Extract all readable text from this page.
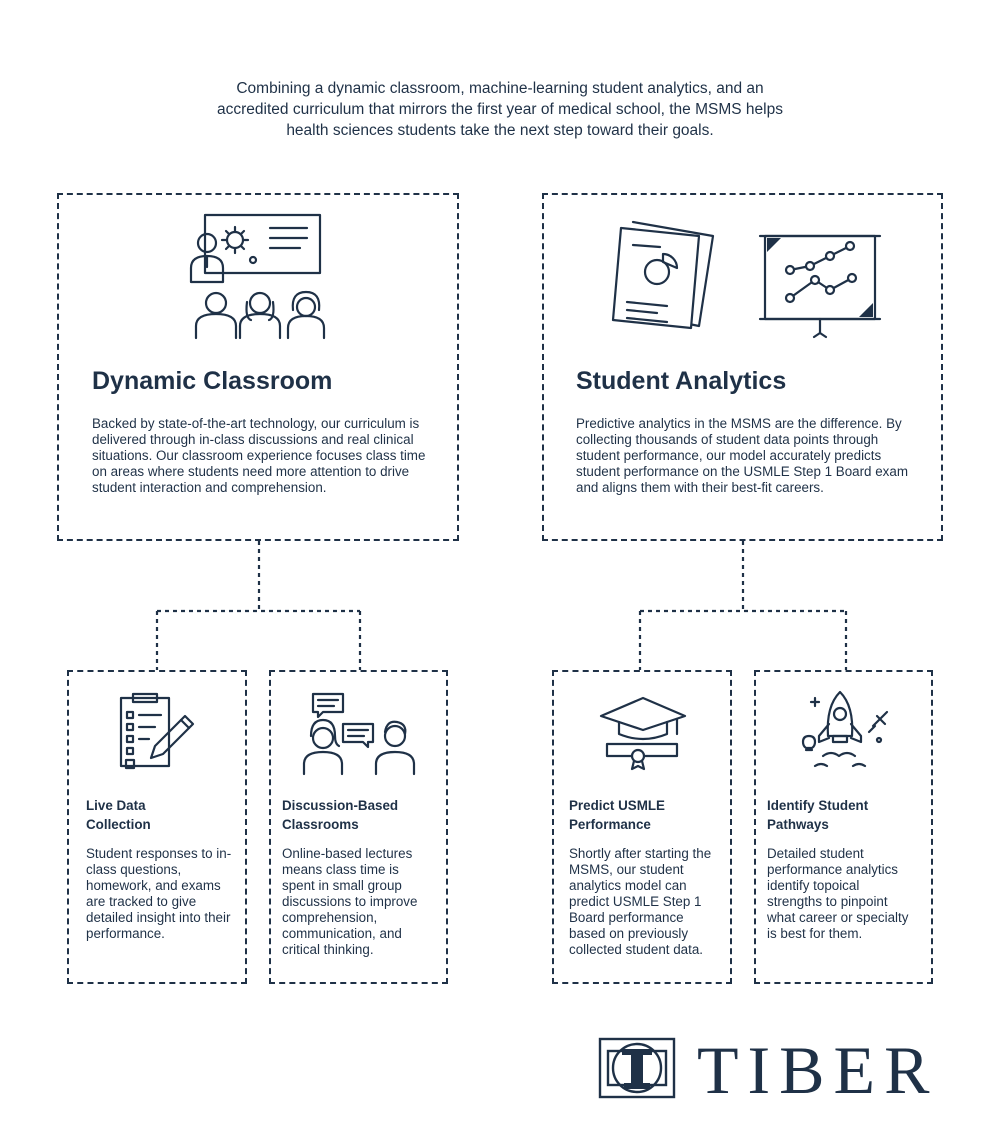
Combining a dynamic classroom, machine-learning student analytics, and an
accredited curriculum that mirrors the first year of medical school, the MSMS helps
health sciences students take the next step toward their goals.
Dynamic Classroom

Backed by state-of-the-art technology, our curriculum is delivered through in-class discussions and real clinical situations. Our classroom experience focuses class time on areas where students need more attention to drive student interaction and comprehension.

Student Analytics

Predictive analytics in the MSMS are the difference. By collecting thousands of student data points through student performance, our model accurately predicts student performance on the USMLE Step 1 Board exam and aligns them with their best-fit careers.

Live Data Collection

Student responses to in-class questions, homework, and exams are tracked to give detailed insight into their performance.

Discussion-Based Classrooms

Online-based lectures means class time is spent in small group discussions to improve comprehension, communication, and critical thinking.

Predict USMLE Performance

Shortly after starting the MSMS, our student analytics model can predict USMLE Step 1 Board performance based on previously collected student data.

Identify Student Pathways

Detailed student performance analytics identify topoical strengths to pinpoint what career or specialty is best for them.

TIBER
